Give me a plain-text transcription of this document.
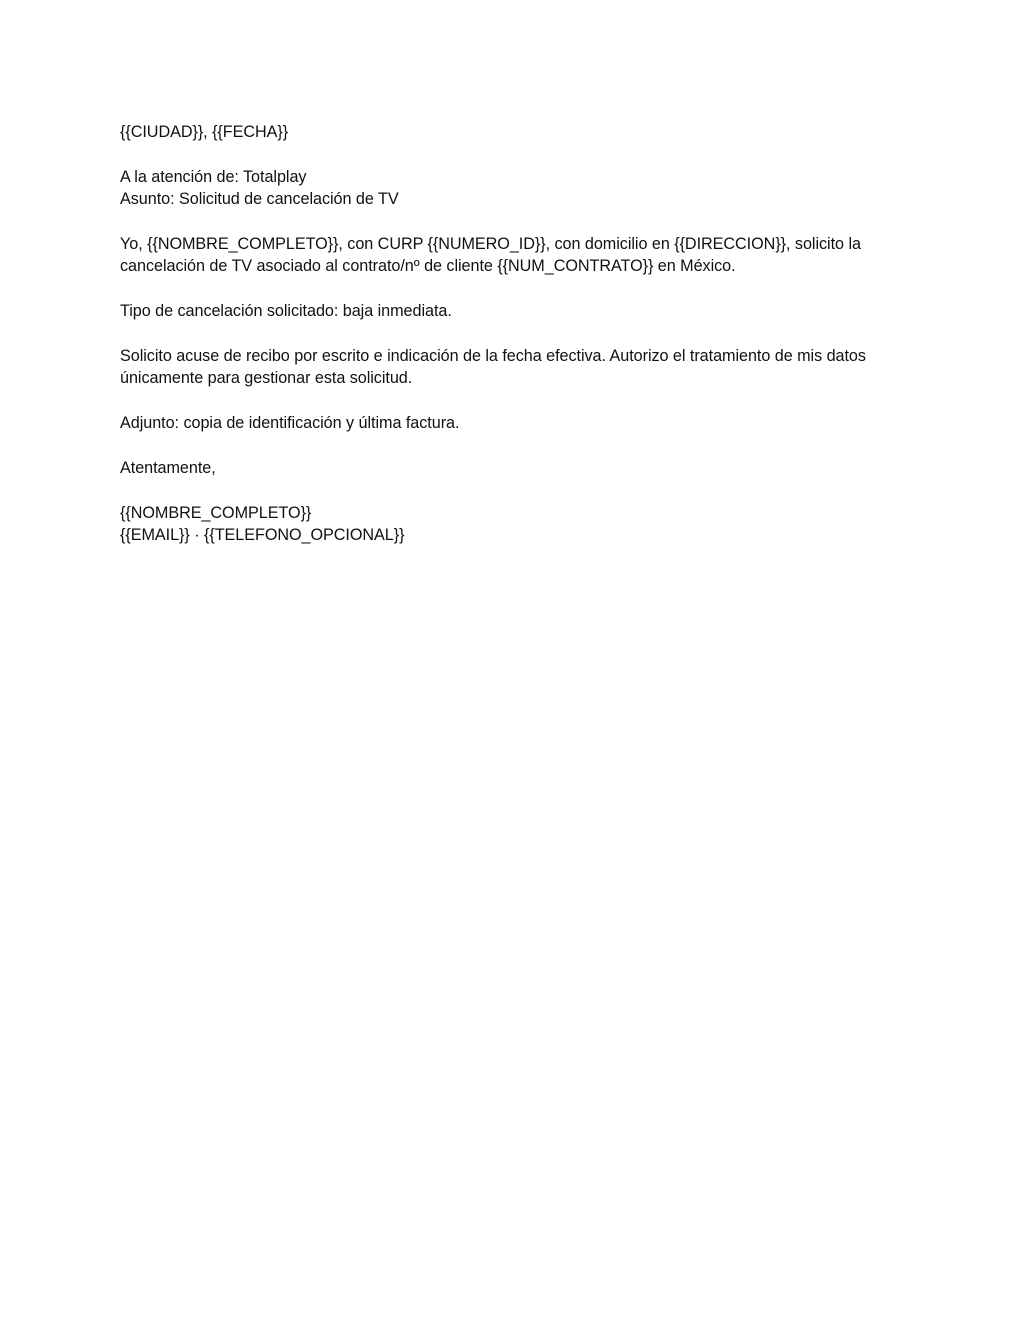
{{CIUDAD}}, {{FECHA}}

A la atención de: Totalplay

Asunto: Solicitud de cancelación de TV

Yo, {{NOMBRE_COMPLETO}}, con CURP {{NUMERO_ID}}, con domicilio en {{DIRECCION}}, solicito la

cancelación de TV asociado al contrato/nº de cliente {{NUM_CONTRATO}} en México.

Tipo de cancelación solicitado: baja inmediata.

Solicito acuse de recibo por escrito e indicación de la fecha efectiva. Autorizo el tratamiento de mis datos

únicamente para gestionar esta solicitud.

Adjunto: copia de identificación y última factura.

Atentamente,

{{NOMBRE_COMPLETO}}

{{EMAIL}} · {{TELEFONO_OPCIONAL}}
